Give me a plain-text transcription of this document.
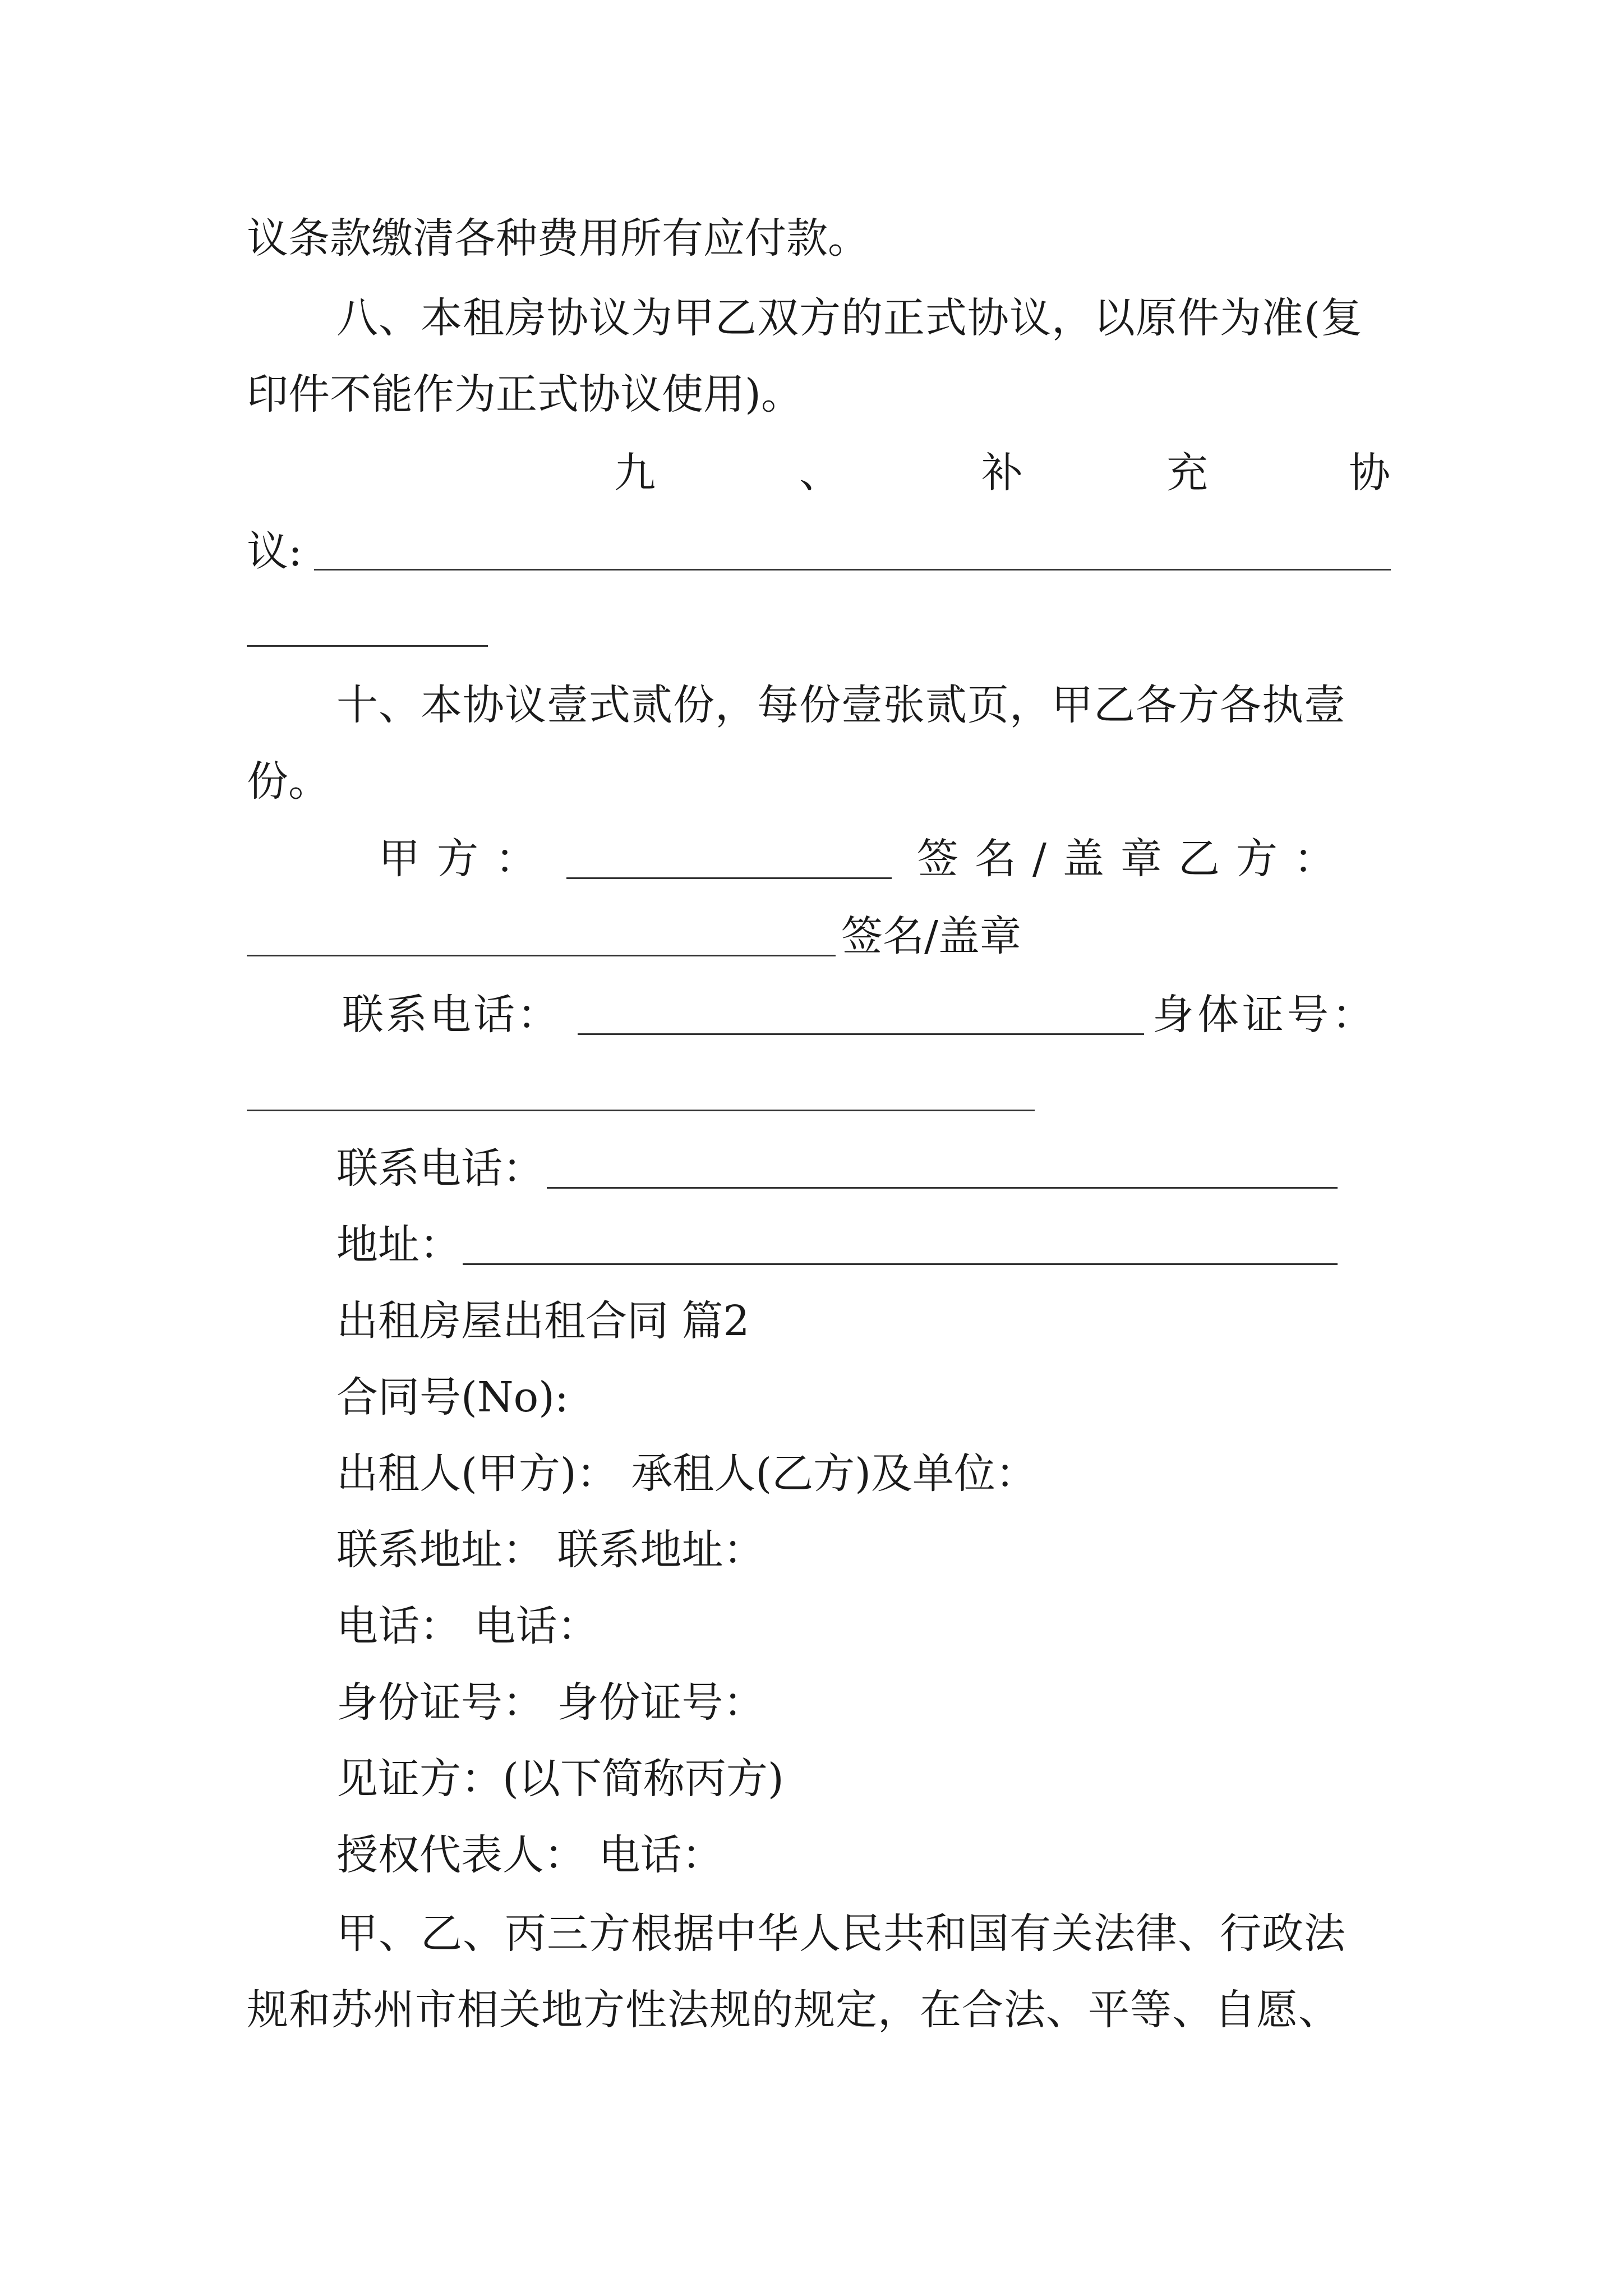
议条款缴清各种费用所有应付款。
八、本租房协议为甲乙双方的正式协议，以原件为准(复
印件不能作为正式协议使用)。
九	、	补	充	协
议:
十、本协议壹式贰份，每份壹张贰页，甲乙各方各执壹
份。
甲方：	签名/盖章乙方：
签名/盖章
联系电话：	身体证号：
联系电话：
地址：
出租房屋出租合同 篇2
合同号(No):
出租人(甲方)： 承租人(乙方)及单位：
联系地址： 联系地址：
电话： 电话：
身份证号： 身份证号：
见证方：(以下简称丙方)
授权代表人： 电话：
甲、乙、丙三方根据中华人民共和国有关法律、行政法
规和苏州市相关地方性法规的规定，在合法、平等、自愿、
